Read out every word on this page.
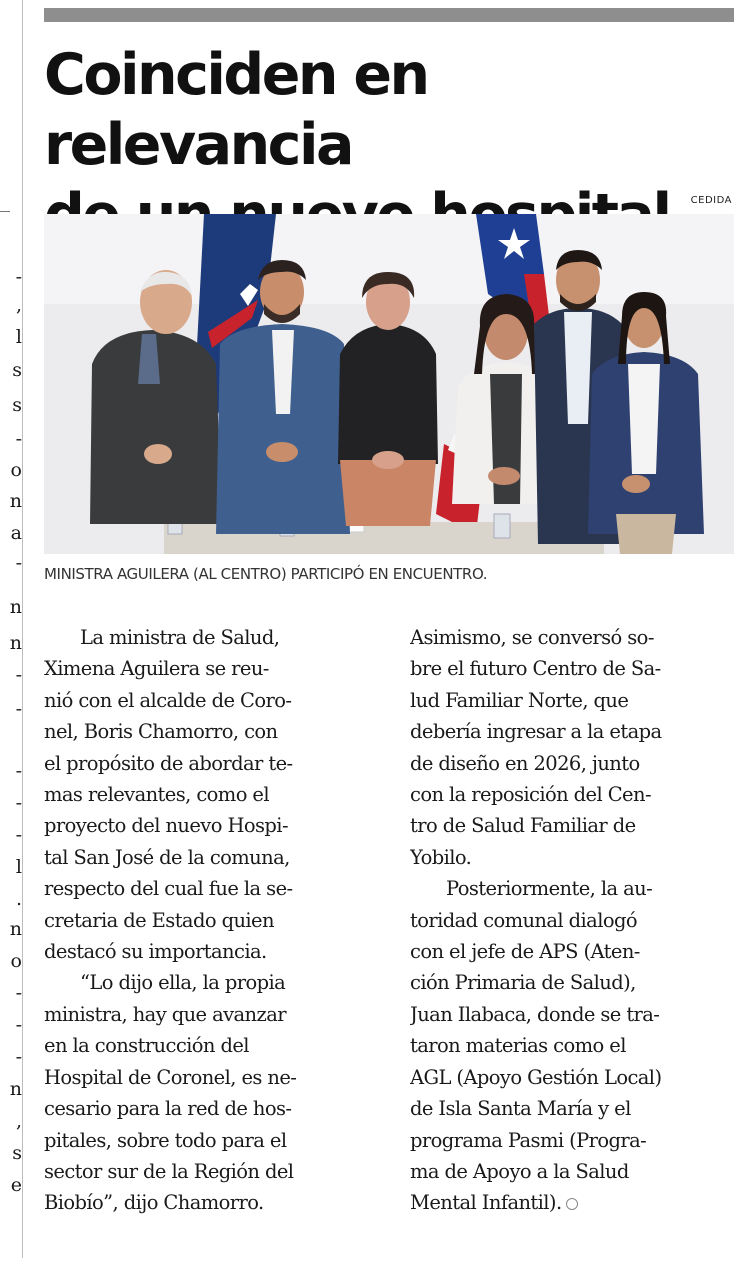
-
,
l
s
s
-
o
n
a
-
n
n
-
-
-
-
-
l
.
n
o
-
-
-
n
,
s
e
Coinciden en relevancia

CEDIDA
MINISTRA AGUILERA (AL CENTRO) PARTICIPÓ EN ENCUENTRO.
La ministra de Salud,
Ximena Aguilera se reu-
nió con el alcalde de Coro-
nel, Boris Chamorro, con
el propósito de abordar te-
mas relevantes, como el
proyecto del nuevo Hospi-
tal San José de la comuna,
respecto del cual fue la se-
cretaria de Estado quien
destacó su importancia.
“Lo dijo ella, la propia
ministra, hay que avanzar
en la construcción del
Hospital de Coronel, es ne-
cesario para la red de hos-
pitales, sobre todo para el
sector sur de la Región del
Biobío”, dijo Chamorro.
Asimismo, se conversó so-
bre el futuro Centro de Sa-
lud Familiar Norte, que
debería ingresar a la etapa
de diseño en 2026, junto
con la reposición del Cen-
tro de Salud Familiar de
Yobilo.
Posteriormente, la au-
toridad comunal dialogó
con el jefe de APS (Aten-
ción Primaria de Salud),
Juan Ilabaca, donde se tra-
taron materias como el
AGL (Apoyo Gestión Local)
de Isla Santa María y el
programa Pasmi (Progra-
ma de Apoyo a la Salud
Mental Infantil).
